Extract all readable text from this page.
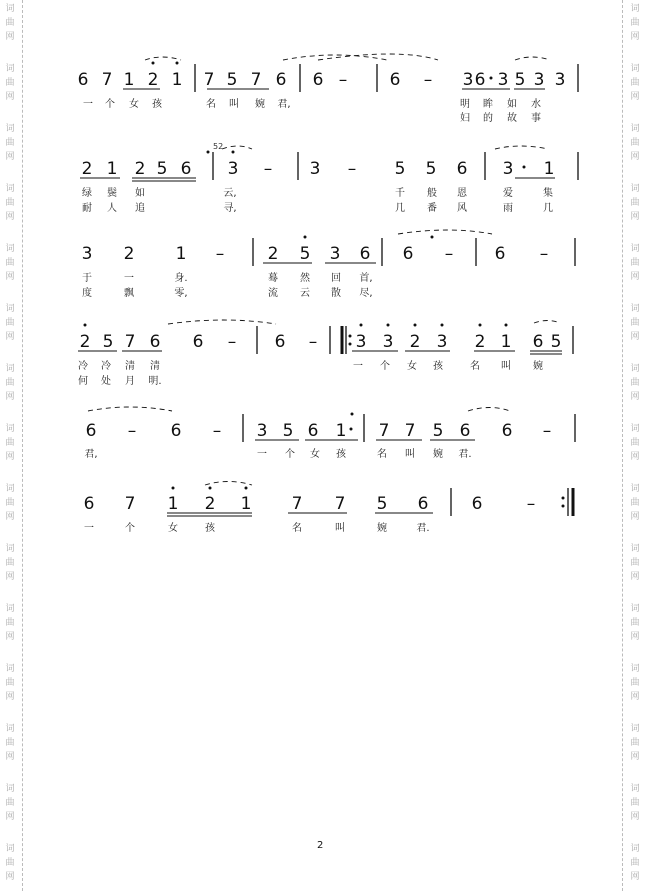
词
曲
网
词
曲
网
词
曲
网
词
曲
网
词
曲
网
词
曲
网
词
曲
网
词
曲
网
词
曲
网
词
曲
网
词
曲
网
词
曲
网
词
曲
网
词
曲
网
词
曲
网
词
曲
网
词
曲
网
词
曲
网
词
曲
网
词
曲
网
词
曲
网
词
曲
网
词
曲
网
词
曲
网
词
曲
网
词
曲
网
词
曲
网
词
曲
网
词
曲
网
词
曲
网
6 7 1 2 1 7 5 7 6 6 – 6 – 3 6 3 5 3 3
2 1 2 5 6 3 – 3 – 5 5 6 3 1
3 2 1 –	2 5 3 6 6 – 6 –
2 5 7 6 6 – 6 – 3 3 2 3 2 1 6 5
6 – 6 – 3 5 6 1 7 7 5 6 6 –
6 7 1 2 1 7 7 5 6	6	–
52
一 个 女 孩	名 叫 婉 君,	明 眸 如 水
妇 的 故 事
绿 鬓 如	云,	千 般 恩	爱	集
耐 人 追	寻,	几 番 风	雨	几
于	一	身.	蓦 然 回 首,
度	飘	零,	流 云 散 尽,
冷 冷 清 清	一 个 女 孩	名 叫 婉
何 处 月 明.
君,	一 个 女 孩	名 叫 婉 君.
一	个	女	孩	名	叫	婉	君.
2
